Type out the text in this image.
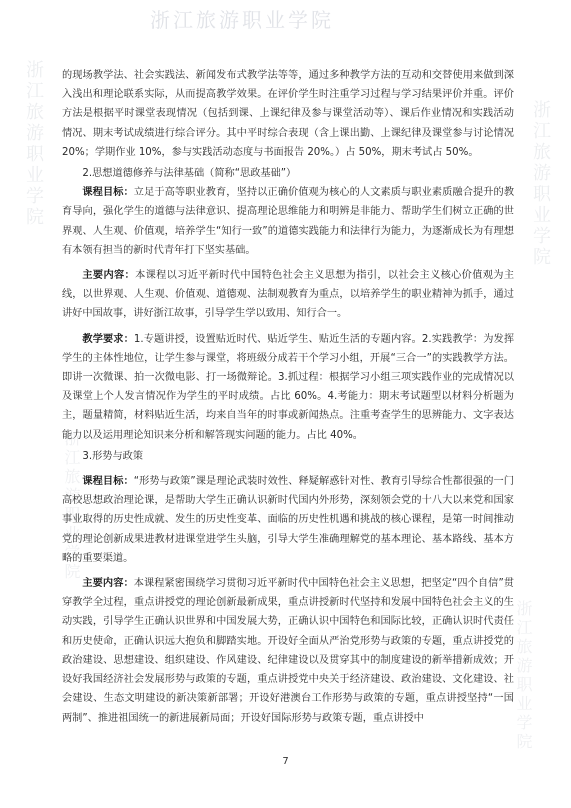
浙江旅游职业学院
浙江旅游职业学院	浙江旅游职业学院
浙江旅游职业学院
浙江旅游职业学院

的现场教学法、社会实践法、新闻发布式教学法等等，通过多种教学方法的互动和交替使用来做到深入浅出和理论联系实际，从而提高教学效果。在评价学生时注重学习过程与学习结果评价并重。评价方法是根据平时课堂表现情况（包括到课、上课纪律及参与课堂活动等）、课后作业情况和实践活动情况、期末考试成绩进行综合评分。其中平时综合表现（含上课出勤、上课纪律及课堂参与讨论情况 20%；学期作业 10%，参与实践活动态度与书面报告 20%。）占 50%，期末考试占 50%。

2.思想道德修养与法律基础（简称“思政基础”）

课程目标：立足于高等职业教育，坚持以正确价值观为核心的人文素质与职业素质融合提升的教育导向，强化学生的道德与法律意识、提高理论思维能力和明辨是非能力、帮助学生们树立正确的世界观、人生观、价值观，培养学生“知行一致”的道德实践能力和法律行为能力，为逐渐成长为有理想有本领有担当的新时代青年打下坚实基础。

主要内容：本课程以习近平新时代中国特色社会主义思想为指引，以社会主义核心价值观为主线，以世界观、人生观、价值观、道德观、法制观教育为重点，以培养学生的职业精神为抓手，通过讲好中国故事，讲好浙江故事，引导学生学以致用、知行合一。

教学要求：1.专题讲授，设置贴近时代、贴近学生、贴近生活的专题内容。2.实践教学：为发挥学生的主体性地位，让学生参与课堂，将班级分成若干个学习小组，开展“三合一”的实践教学方法。即讲一次微课、拍一次微电影、打一场微辩论。3.抓过程：根据学习小组三项实践作业的完成情况以及课堂上个人发言情况作为学生的平时成绩。占比 60%。4.考能力：期末考试题型以材料分析题为主，题量精简，材料贴近生活，均来自当年的时事或新闻热点。注重考查学生的思辨能力、文字表达能力以及运用理论知识来分析和解答现实问题的能力。占比 40%。

3.形势与政策

课程目标：“形势与政策”课是理论武装时效性、释疑解惑针对性、教育引导综合性都很强的一门高校思想政治理论课，是帮助大学生正确认识新时代国内外形势，深刻领会党的十八大以来党和国家事业取得的历史性成就、发生的历史性变革、面临的历史性机遇和挑战的核心课程，是第一时间推动党的理论创新成果进教材进课堂进学生头脑，引导大学生准确理解党的基本理论、基本路线、基本方略的重要渠道。

主要内容：本课程紧密围绕学习贯彻习近平新时代中国特色社会主义思想，把坚定“四个自信”贯穿教学全过程，重点讲授党的理论创新最新成果，重点讲授新时代坚持和发展中国特色社会主义的生动实践，引导学生正确认识世界和中国发展大势，正确认识中国特色和国际比较，正确认识时代责任和历史使命，正确认识远大抱负和脚踏实地。开设好全面从严治党形势与政策的专题，重点讲授党的政治建设、思想建设、组织建设、作风建设、纪律建设以及贯穿其中的制度建设的新举措新成效；开设好我国经济社会发展形势与政策的专题，重点讲授党中央关于经济建设、政治建设、文化建设、社会建设、生态文明建设的新决策新部署；开设好港澳台工作形势与政策的专题，重点讲授坚持“一国两制”、推进祖国统一的新进展新局面；开设好国际形势与政策专题，重点讲授中

7
